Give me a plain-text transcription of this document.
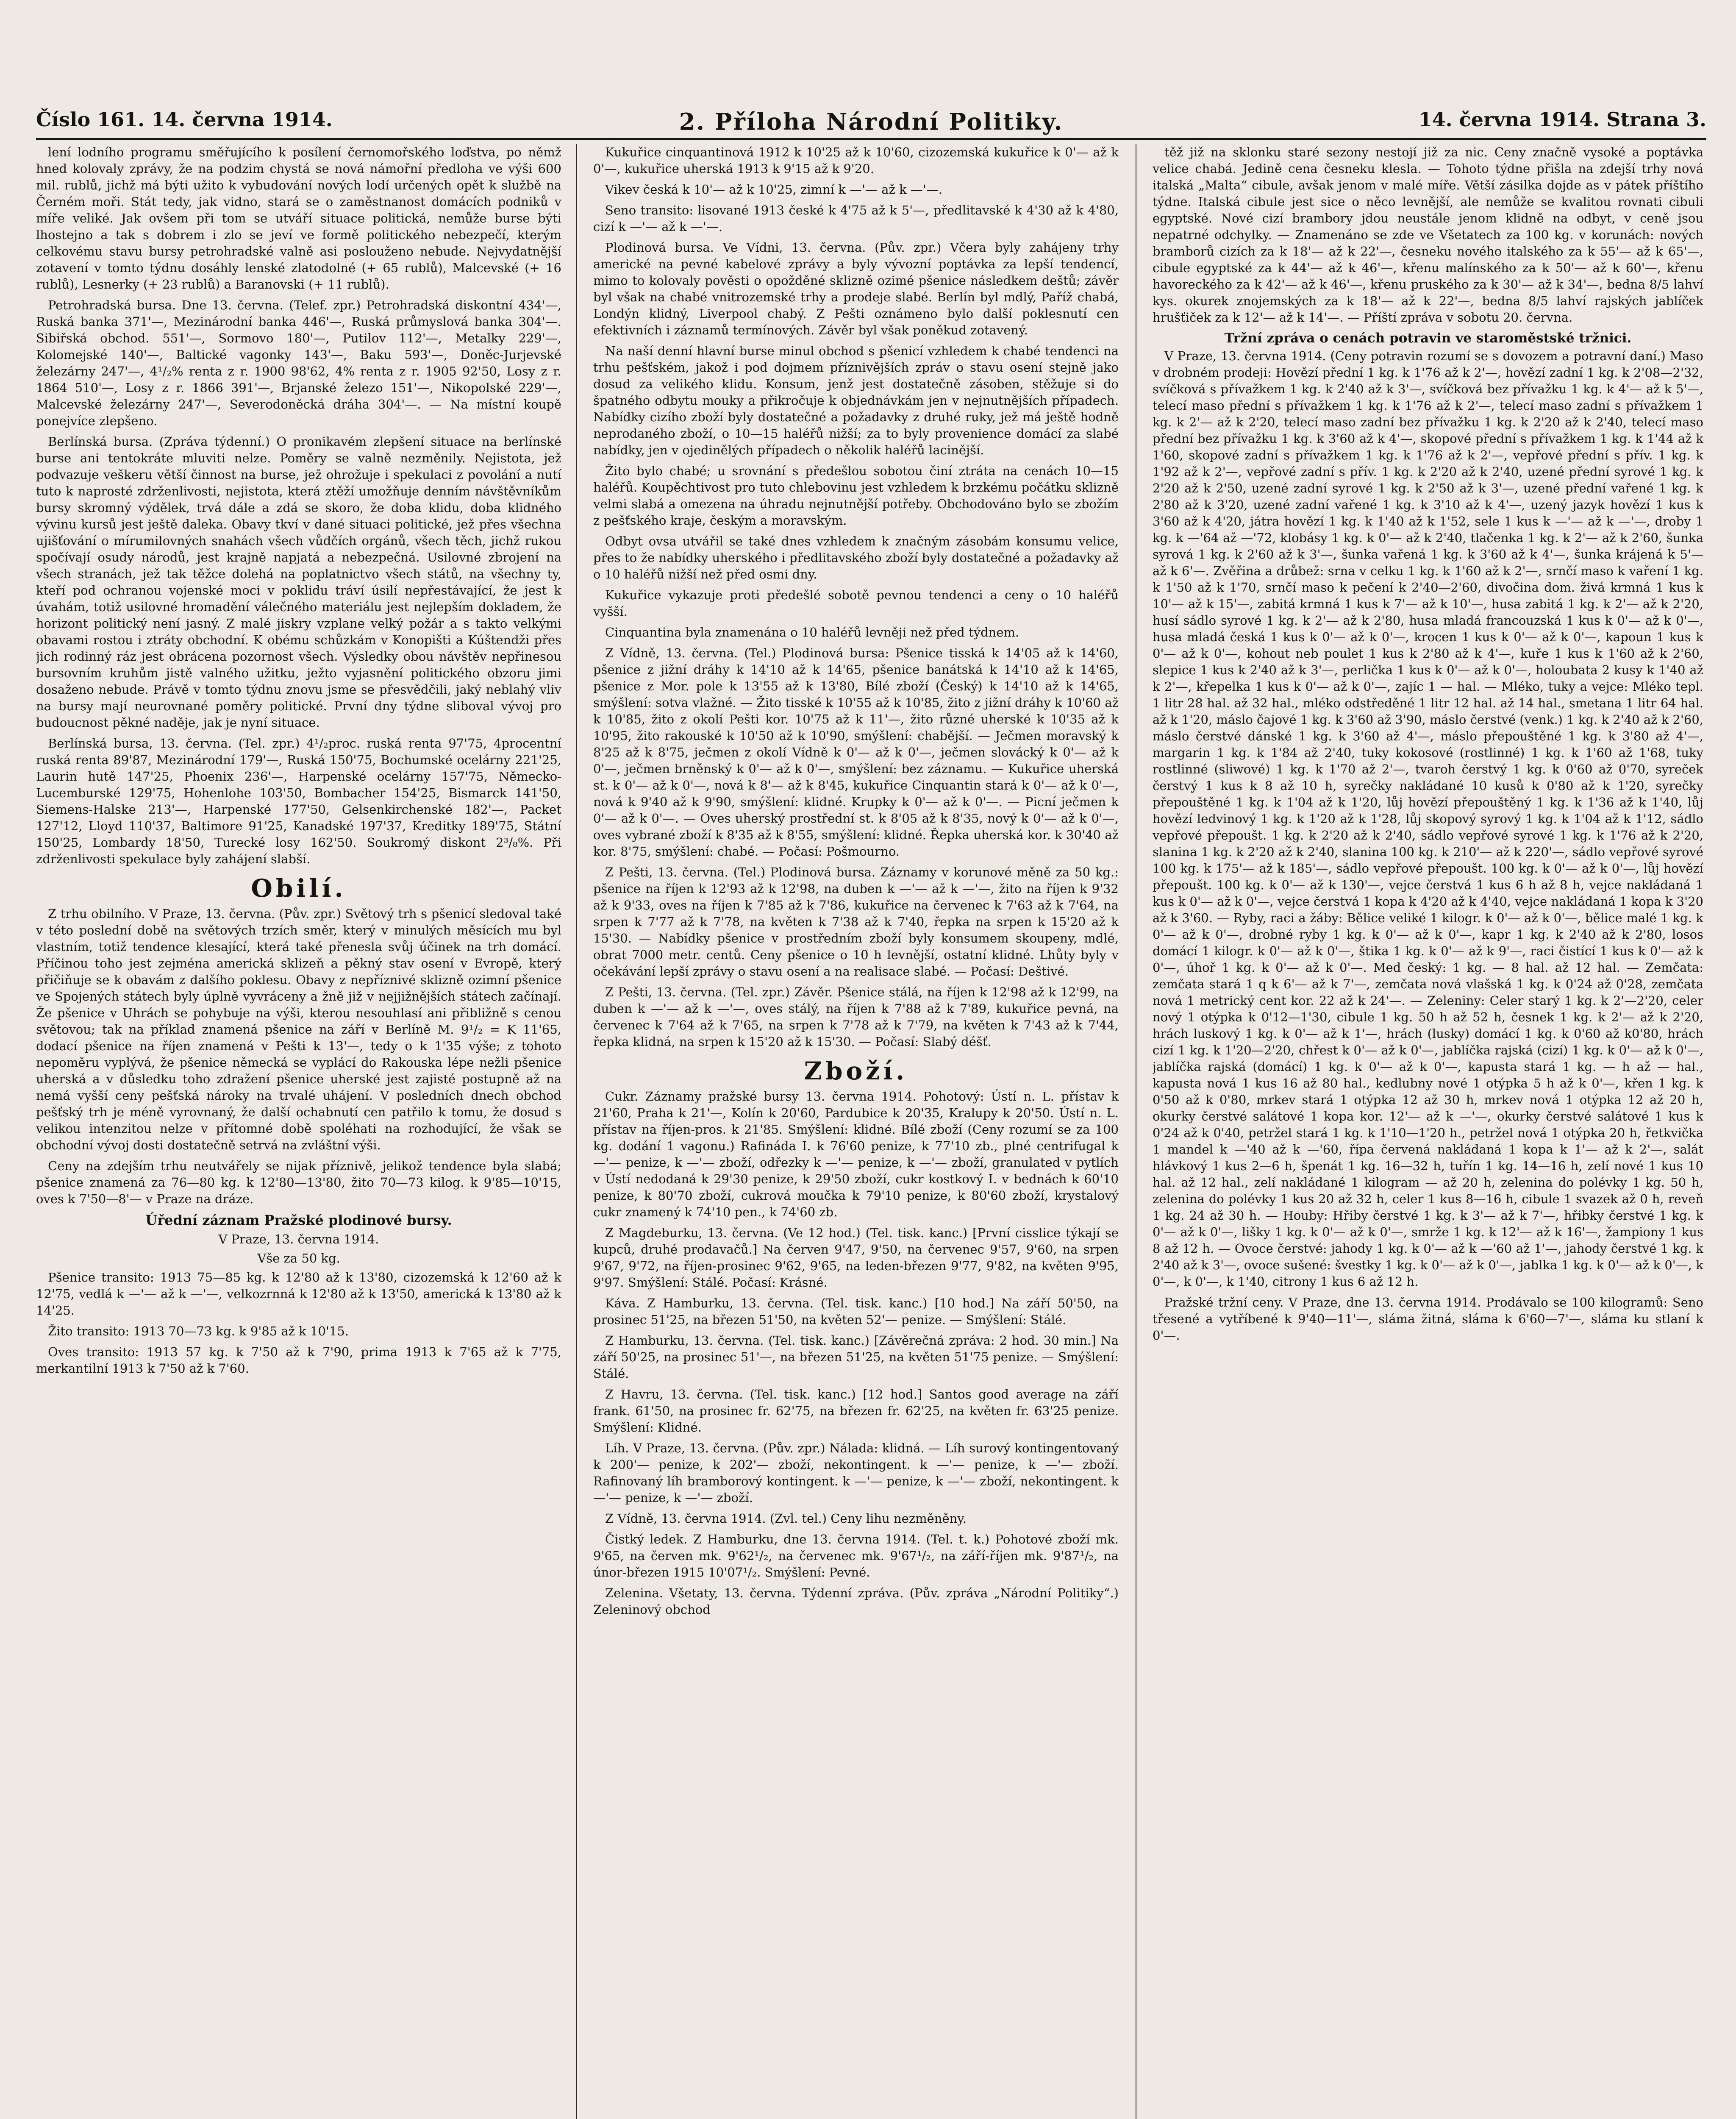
Číslo 161. 14. června 1914.	2. Příloha Národní Politiky.	14. června 1914. Strana 3.

lení lodního programu směřujícího k posílení černomořského loďstva, po němž hned kolovaly zprávy, že na podzim chystá se nová námořní předloha ve výši 600 mil. rublů, jichž má býti užito k vybudování nových lodí určených opět k službě na Černém moři. Stát tedy, jak vidno, stará se o zaměstnanost domácích podniků v míře veliké. Jak ovšem při tom se utváří situace politická, nemůže burse býti lhostejno a tak s dobrem i zlo se jeví ve formě politického nebezpečí, kterým celkovému stavu bursy petrohradské valně asi poslouženo nebude. Nejvydatnější zotavení v tomto týdnu dosáhly lenské zlatodolné (+ 65 rublů), Malcevské (+ 16 rublů), Lesnerky (+ 23 rublů) a Baranovski (+ 11 rublů).

Petrohradská bursa. Dne 13. června. (Telef. zpr.) Petrohradská diskontní 434'—, Ruská banka 371'—, Mezinárodní banka 446'—, Ruská průmyslová banka 304'—. Sibiřská obchod. 551'—, Sormovo 180'—, Putilov 112'—, Metalky 229'—, Kolomejské 140'—, Baltické vagonky 143'—, Baku 593'—, Doněc-Jurjevské železárny 247'—, 4¹/₂% renta z r. 1900 98'62, 4% renta z r. 1905 92'50, Losy z r. 1864 510'—, Losy z r. 1866 391'—, Brjanské železo 151'—, Nikopolské 229'—, Malcevské železárny 247'—, Severodoněcká dráha 304'—. — Na místní koupě ponejvíce zlepšeno.

Berlínská bursa. (Zpráva týdenní.) O pronikavém zlepšení situace na berlínské burse ani tentokráte mluviti nelze. Poměry se valně nezměnily. Nejistota, jež podvazuje veškeru větší činnost na burse, jež ohrožuje i spekulaci z povolání a nutí tuto k naprosté zdrženlivosti, nejistota, která ztěží umožňuje denním návštěvníkům bursy skromný výdělek, trvá dále a zdá se skoro, že doba klidu, doba klidného vývinu kursů jest ještě daleka. Obavy tkví v dané situaci politické, jež přes všechna ujišťování o mírumilovných snahách všech vůdčích orgánů, všech těch, jichž rukou spočívají osudy národů, jest krajně napjatá a nebezpečná. Usilovné zbrojení na všech stranách, jež tak těžce dolehá na poplatnictvo všech států, na všechny ty, kteří pod ochranou vojenské moci v poklidu tráví úsilí nepřestávající, že jest k úvahám, totiž usilovné hromadění válečného materiálu jest nejlepším dokladem, že horizont politický není jasný. Z malé jiskry vzplane velký požár a s takto velkými obavami rostou i ztráty obchodní. K obému schůzkám v Konopišti a Kúštendži přes jich rodinný ráz jest obrácena pozornost všech. Výsledky obou návštěv nepřinesou bursovním kruhům jistě valného užitku, ježto vyjasnění politického obzoru jimi dosaženo nebude. Právě v tomto týdnu znovu jsme se přesvědčili, jaký neblahý vliv na bursy mají neurovnané poměry politické. První dny týdne sliboval vývoj pro budoucnost pěkné naděje, jak je nyní situace.

Berlínská bursa, 13. června. (Tel. zpr.) 4¹/₂proc. ruská renta 97'75, 4procentní ruská renta 89'87, Mezinárodní 179'—, Ruská 150'75, Bochumské ocelárny 221'25, Laurin hutě 147'25, Phoenix 236'—, Harpenské ocelárny 157'75, Německo-Lucemburské 129'75, Hohenlohe 103'50, Bombacher 154'25, Bismarck 141'50, Siemens-Halske 213'—, Harpenské 177'50, Gelsenkirchenské 182'—, Packet 127'12, Lloyd 110'37, Baltimore 91'25, Kanadské 197'37, Kreditky 189'75, Státní 150'25, Lombardy 18'50, Turecké losy 162'50. Soukromý diskont 2³/₈%. Při zdrženlivosti spekulace byly zahájení slabší.

Obilí.

Z trhu obilního. V Praze, 13. června. (Pův. zpr.) Světový trh s pšenicí sledoval také v této poslední době na světových trzích směr, který v minulých měsících mu byl vlastním, totiž tendence klesající, která také přenesla svůj účinek na trh domácí. Příčinou toho jest zejména americká sklizeň a pěkný stav osení v Evropě, který přičiňuje se k obavám z dalšího poklesu. Obavy z nepříznivé sklizně ozimní pšenice ve Spojených státech byly úplně vyvráceny a žně již v nejjižnějších státech začínají. Že pšenice v Uhrách se pohybuje na výši, kterou nesouhlasí ani přibližně s cenou světovou; tak na příklad znamená pšenice na září v Berlíně M. 9¹/₂ = K 11'65, dodací pšenice na říjen znamená v Pešti k 13'—, tedy o k 1'35 výše; z tohoto nepoměru vyplývá, že pšenice německá se vyplácí do Rakouska lépe nežli pšenice uherská a v důsledku toho zdražení pšenice uherské jest zajisté postupně až na nemá vyšší ceny pešťská nároky na trvalé uhájení. V posledních dnech obchod pešťský trh je méně vyrovnaný, že další ochabnutí cen patřilo k tomu, že dosud s velikou intenzitou nelze v přítomné době spoléhati na rozhodující, že však se obchodní vývoj dosti dostatečně setrvá na zvláštní výši.

Ceny na zdejším trhu neutvářely se nijak příznivě, jelikož tendence byla slabá; pšenice znamená za 76—80 kg. k 12'80—13'80, žito 70—73 kilog. k 9'85—10'15, oves k 7'50—8'— v Praze na dráze.

Úřední záznam Pražské plodinové bursy.
V Praze, 13. června 1914.
Vše za 50 kg.

Pšenice transito: 1913 75—85 kg. k 12'80 až k 13'80, cizozemská k 12'60 až k 12'75, vedlá k —'— až k —'—, velkozrnná k 12'80 až k 13'50, americká k 13'80 až k 14'25.

Žito transito: 1913 70—73 kg. k 9'85 až k 10'15.

Oves transito: 1913 57 kg. k 7'50 až k 7'90, prima 1913 k 7'65 až k 7'75, merkantilní 1913 k 7'50 až k 7'60.

Kukuřice cinquantinová 1912 k 10'25 až k 10'60, cizozemská kukuřice k 0'— až k 0'—, kukuřice uherská 1913 k 9'15 až k 9'20.

Vikev česká k 10'— až k 10'25, zimní k —'— až k —'—.

Seno transito: lisované 1913 české k 4'75 až k 5'—, předlitavské k 4'30 až k 4'80, cizí k —'— až k —'—.

Plodinová bursa. Ve Vídni, 13. června. (Pův. zpr.) Včera byly zahájeny trhy americké na pevné kabelové zprávy a byly vývozní poptávka za lepší tendencí, mimo to kolovaly pověsti o opožděné sklizně ozimé pšenice následkem deštů; závěr byl však na chabé vnitrozemské trhy a prodeje slabé. Berlín byl mdlý, Paříž chabá, Londýn klidný, Liverpool chabý. Z Pešti oznámeno bylo další poklesnutí cen efektivních i záznamů termínových. Závěr byl však poněkud zotavený.

Na naší denní hlavní burse minul obchod s pšenicí vzhledem k chabé tendenci na trhu pešťském, jakož i pod dojmem příznivějších zpráv o stavu osení stejně jako dosud za velikého klidu. Konsum, jenž jest dostatečně zásoben, stěžuje si do špatného odbytu mouky a přikročuje k objednávkám jen v nejnutnějších případech. Nabídky cizího zboží byly dostatečné a požadavky z druhé ruky, jež má ještě hodně neprodaného zboží, o 10—15 haléřů nižší; za to byly provenience domácí za slabé nabídky, jen v ojedinělých případech o několik haléřů lacinější.

Žito bylo chabé; u srovnání s předešlou sobotou činí ztráta na cenách 10—15 haléřů. Koupěchtivost pro tuto chlebovinu jest vzhledem k brzkému počátku sklizně velmi slabá a omezena na úhradu nejnutnější potřeby. Obchodováno bylo se zbožím z pešťského kraje, českým a moravským.

Odbyt ovsa utvářil se také dnes vzhledem k značným zásobám konsumu velice, přes to že nabídky uherského i předlitavského zboží byly dostatečné a požadavky až o 10 haléřů nižší než před osmi dny.

Kukuřice vykazuje proti předešlé sobotě pevnou tendenci a ceny o 10 haléřů vyšší.

Cinquantina byla znamenána o 10 haléřů levněji než před týdnem.

Z Vídně, 13. června. (Tel.) Plodinová bursa: Pšenice tisská k 14'05 až k 14'60, pšenice z jižní dráhy k 14'10 až k 14'65, pšenice banátská k 14'10 až k 14'65, pšenice z Mor. pole k 13'55 až k 13'80, Bílé zboží (Český) k 14'10 až k 14'65, smýšlení: sotva vlažné. — Žito tisské k 10'55 až k 10'85, žito z jižní dráhy k 10'60 až k 10'85, žito z okolí Pešti kor. 10'75 až k 11'—, žito různé uherské k 10'35 až k 10'95, žito rakouské k 10'50 až k 10'90, smýšlení: chabější. — Ječmen moravský k 8'25 až k 8'75, ječmen z okolí Vídně k 0'— až k 0'—, ječmen slovácký k 0'— až k 0'—, ječmen brněnský k 0'— až k 0'—, smýšlení: bez záznamu. — Kukuřice uherská st. k 0'— až k 0'—, nová k 8'— až k 8'45, kukuřice Cinquantin stará k 0'— až k 0'—, nová k 9'40 až k 9'90, smýšlení: klidné. Krupky k 0'— až k 0'—. — Picní ječmen k 0'— až k 0'—. — Oves uherský prostřední st. k 8'05 až k 8'35, nový k 0'— až k 0'—, oves vybrané zboží k 8'35 až k 8'55, smýšlení: klidné. Řepka uherská kor. k 30'40 až kor. 8'75, smýšlení: chabé. — Počasí: Pošmourno.

Z Pešti, 13. června. (Tel.) Plodinová bursa. Záznamy v korunové měně za 50 kg.: pšenice na říjen k 12'93 až k 12'98, na duben k —'— až k —'—, žito na říjen k 9'32 až k 9'33, oves na říjen k 7'85 až k 7'86, kukuřice na červenec k 7'63 až k 7'64, na srpen k 7'77 až k 7'78, na květen k 7'38 až k 7'40, řepka na srpen k 15'20 až k 15'30. — Nabídky pšenice v prostředním zboží byly konsumem skoupeny, mdlé, obrat 7000 metr. centů. Ceny pšenice o 10 h levnější, ostatní klidné. Lhůty byly v očekávání lepší zprávy o stavu osení a na realisace slabé. — Počasí: Deštivé.

Z Pešti, 13. června. (Tel. zpr.) Závěr. Pšenice stálá, na říjen k 12'98 až k 12'99, na duben k —'— až k —'—, oves stálý, na říjen k 7'88 až k 7'89, kukuřice pevná, na červenec k 7'64 až k 7'65, na srpen k 7'78 až k 7'79, na květen k 7'43 až k 7'44, řepka klidná, na srpen k 15'20 až k 15'30. — Počasí: Slabý déšť.

Zboží.

Cukr. Záznamy pražské bursy 13. června 1914. Pohotový: Ústí n. L. přístav k 21'60, Praha k 21'—, Kolín k 20'60, Pardubice k 20'35, Kralupy k 20'50. Ústí n. L. přístav na říjen-pros. k 21'85. Smýšlení: klidné. Bílé zboží (Ceny rozumí se za 100 kg. dodání 1 vagonu.) Rafináda I. k 76'60 penize, k 77'10 zb., plné centrifugal k —'— penize, k —'— zboží, odřezky k —'— penize, k —'— zboží, granulated v pytlích v Ústí nedodaná k 29'30 penize, k 29'50 zboží, cukr kostkový I. v bednách k 60'10 penize, k 80'70 zboží, cukrová moučka k 79'10 penize, k 80'60 zboží, krystalový cukr znamený k 74'10 pen., k 74'60 zb.

Z Magdeburku, 13. června. (Ve 12 hod.) (Tel. tisk. kanc.) [První cisslice týkají se kupců, druhé prodavačů.] Na červen 9'47, 9'50, na červenec 9'57, 9'60, na srpen 9'67, 9'72, na říjen-prosinec 9'62, 9'65, na leden-březen 9'77, 9'82, na květen 9'95, 9'97. Smýšlení: Stálé. Počasí: Krásné.

Káva. Z Hamburku, 13. června. (Tel. tisk. kanc.) [10 hod.] Na září 50'50, na prosinec 51'25, na březen 51'50, na květen 52'— penize. — Smýšlení: Stálé.

Z Hamburku, 13. června. (Tel. tisk. kanc.) [Závěrečná zpráva: 2 hod. 30 min.] Na září 50'25, na prosinec 51'—, na březen 51'25, na květen 51'75 penize. — Smýšlení: Stálé.

Z Havru, 13. června. (Tel. tisk. kanc.) [12 hod.] Santos good average na září frank. 61'50, na prosinec fr. 62'75, na březen fr. 62'25, na květen fr. 63'25 penize. Smýšlení: Klidné.

Líh. V Praze, 13. června. (Pův. zpr.) Nálada: klidná. — Líh surový kontingentovaný k 200'— penize, k 202'— zboží, nekontingent. k —'— penize, k —'— zboží. Rafinovaný líh bramborový kontingent. k —'— penize, k —'— zboží, nekontingent. k —'— penize, k —'— zboží.

Z Vídně, 13. června 1914. (Zvl. tel.) Ceny lihu nezměněny.

Čistký ledek. Z Hamburku, dne 13. června 1914. (Tel. t. k.) Pohotové zboží mk. 9'65, na červen mk. 9'62¹/₂, na červenec mk. 9'67¹/₂, na září-říjen mk. 9'87¹/₂, na únor-březen 1915 10'07¹/₂. Smýšlení: Pevné.

Zelenina. Všetaty, 13. června. Týdenní zpráva. (Pův. zpráva „Národní Politiky“.) Zeleninový obchod

těž již na sklonku staré sezony nestojí již za nic. Ceny značně vysoké a poptávka velice chabá. Jedině cena česneku klesla. — Tohoto týdne přišla na zdejší trhy nová italská „Malta“ cibule, avšak jenom v malé míře. Větší zásilka dojde as v pátek příštího týdne. Italská cibule jest sice o něco levnější, ale nemůže se kvalitou rovnati cibuli egyptské. Nové cizí brambory jdou neustále jenom klidně na odbyt, v ceně jsou nepatrné odchylky. — Znamenáno se zde ve Všetatech za 100 kg. v korunách: nových bramborů cizích za k 18'— až k 22'—, česneku nového italského za k 55'— až k 65'—, cibule egyptské za k 44'— až k 46'—, křenu malínského za k 50'— až k 60'—, křenu havoreckého za k 42'— až k 46'—, křenu pruského za k 30'— až k 34'—, bedna 8/5 lahví kys. okurek znojemských za k 18'— až k 22'—, bedna 8/5 lahví rajských jablíček hrušťiček za k 12'— až k 14'—. — Příští zpráva v sobotu 20. června.

Tržní zpráva o cenách potravin ve staroměstské tržnici.

V Praze, 13. června 1914. (Ceny potravin rozumí se s dovozem a potravní daní.) Maso v drobném prodeji: Hovězí přední 1 kg. k 1'76 až k 2'—, hovězí zadní 1 kg. k 2'08—2'32, svíčková s přívažkem 1 kg. k 2'40 až k 3'—, svíčková bez přívažku 1 kg. k 4'— až k 5'—, telecí maso přední s přívažkem 1 kg. k 1'76 až k 2'—, telecí maso zadní s přívažkem 1 kg. k 2'— až k 2'20, telecí maso zadní bez přívažku 1 kg. k 2'20 až k 2'40, telecí maso přední bez přívažku 1 kg. k 3'60 až k 4'—, skopové přední s přívažkem 1 kg. k 1'44 až k 1'60, skopové zadní s přívažkem 1 kg. k 1'76 až k 2'—, vepřové přední s přív. 1 kg. k 1'92 až k 2'—, vepřové zadní s přív. 1 kg. k 2'20 až k 2'40, uzené přední syrové 1 kg. k 2'20 až k 2'50, uzené zadní syrové 1 kg. k 2'50 až k 3'—, uzené přední vařené 1 kg. k 2'80 až k 3'20, uzené zadní vařené 1 kg. k 3'10 až k 4'—, uzený jazyk hovězí 1 kus k 3'60 až k 4'20, játra hovězí 1 kg. k 1'40 až k 1'52, sele 1 kus k —'— až k —'—, droby 1 kg. k —'64 až —'72, klobásy 1 kg. k 0'— až k 2'40, tlačenka 1 kg. k 2'— až k 2'60, šunka syrová 1 kg. k 2'60 až k 3'—, šunka vařená 1 kg. k 3'60 až k 4'—, šunka krájená k 5'— až k 6'—. Zvěřina a drůbež: srna v celku 1 kg. k 1'60 až k 2'—, srnčí maso k vaření 1 kg. k 1'50 až k 1'70, srnčí maso k pečení k 2'40—2'60, divočina dom. živá krmná 1 kus k 10'— až k 15'—, zabitá krmná 1 kus k 7'— až k 10'—, husa zabitá 1 kg. k 2'— až k 2'20, husí sádlo syrové 1 kg. k 2'— až k 2'80, husa mladá francouzská 1 kus k 0'— až k 0'—, husa mladá česká 1 kus k 0'— až k 0'—, krocen 1 kus k 0'— až k 0'—, kapoun 1 kus k 0'— až k 0'—, kohout neb poulet 1 kus k 2'80 až k 4'—, kuře 1 kus k 1'60 až k 2'60, slepice 1 kus k 2'40 až k 3'—, perlička 1 kus k 0'— až k 0'—, holoubata 2 kusy k 1'40 až k 2'—, křepelka 1 kus k 0'— až k 0'—, zajíc 1 — hal. — Mléko, tuky a vejce: Mléko tepl. 1 litr 28 hal. až 32 hal., mléko odstředěné 1 litr 12 hal. až 14 hal., smetana 1 litr 64 hal. až k 1'20, máslo čajové 1 kg. k 3'60 až 3'90, máslo čerstvé (venk.) 1 kg. k 2'40 až k 2'60, máslo čerstvé dánské 1 kg. k 3'60 až 4'—, máslo přepouštěné 1 kg. k 3'80 až 4'—, margarin 1 kg. k 1'84 až 2'40, tuky kokosové (rostlinné) 1 kg. k 1'60 až 1'68, tuky rostlinné (sliwové) 1 kg. k 1'70 až 2'—, tvaroh čerstvý 1 kg. k 0'60 až 0'70, syreček čerstvý 1 kus k 8 až 10 h, syrečky nakládané 10 kusů k 0'80 až k 1'20, syrečky přepouštěné 1 kg. k 1'04 až k 1'20, lůj hovězí přepouštěný 1 kg. k 1'36 až k 1'40, lůj hovězí ledvinový 1 kg. k 1'20 až k 1'28, lůj skopový syrový 1 kg. k 1'04 až k 1'12, sádlo vepřové přepoušt. 1 kg. k 2'20 až k 2'40, sádlo vepřové syrové 1 kg. k 1'76 až k 2'20, slanina 1 kg. k 2'20 až k 2'40, slanina 100 kg. k 210'— až k 220'—, sádlo vepřové syrové 100 kg. k 175'— až k 185'—, sádlo vepřové přepoušt. 100 kg. k 0'— až k 0'—, lůj hovězí přepoušt. 100 kg. k 0'— až k 130'—, vejce čerstvá 1 kus 6 h až 8 h, vejce nakládaná 1 kus k 0'— až k 0'—, vejce čerstvá 1 kopa k 4'20 až k 4'40, vejce nakládaná 1 kopa k 3'20 až k 3'60. — Ryby, raci a žáby: Bělice veliké 1 kilogr. k 0'— až k 0'—, bělice malé 1 kg. k 0'— až k 0'—, drobné ryby 1 kg. k 0'— až k 0'—, kapr 1 kg. k 2'40 až k 2'80, losos domácí 1 kilogr. k 0'— až k 0'—, štika 1 kg. k 0'— až k 9'—, raci čistící 1 kus k 0'— až k 0'—, úhoř 1 kg. k 0'— až k 0'—. Med český: 1 kg. — 8 hal. až 12 hal. — Zemčata: zemčata stará 1 q k 6'— až k 7'—, zemčata nová vlašská 1 kg. k 0'24 až 0'28, zemčata nová 1 metrický cent kor. 22 až k 24'—. — Zeleniny: Celer starý 1 kg. k 2'—2'20, celer nový 1 otýpka k 0'12—1'30, cibule 1 kg. 50 h až 52 h, česnek 1 kg. k 2'— až k 2'20, hrách luskový 1 kg. k 0'— až k 1'—, hrách (lusky) domácí 1 kg. k 0'60 až k0'80, hrách cizí 1 kg. k 1'20—2'20, chřest k 0'— až k 0'—, jablíčka rajská (cizí) 1 kg. k 0'— až k 0'—, jablíčka rajská (domácí) 1 kg. k 0'— až k 0'—, kapusta stará 1 kg. — h až — hal., kapusta nová 1 kus 16 až 80 hal., kedlubny nové 1 otýpka 5 h až k 0'—, křen 1 kg. k 0'50 až k 0'80, mrkev stará 1 otýpka 12 až 30 h, mrkev nová 1 otýpka 12 až 20 h, okurky čerstvé salátové 1 kopa kor. 12'— až k —'—, okurky čerstvé salátové 1 kus k 0'24 až k 0'40, petržel stará 1 kg. k 1'10—1'20 h., petržel nová 1 otýpka 20 h, řetkvička 1 mandel k —'40 až k —'60, řípa červená nakládaná 1 kopa k 1'— až k 2'—, salát hlávkový 1 kus 2—6 h, špenát 1 kg. 16—32 h, tuřín 1 kg. 14—16 h, zelí nové 1 kus 10 hal. až 12 hal., zelí nakládané 1 kilogram — až 20 h, zelenina do polévky 1 kg. 50 h, zelenina do polévky 1 kus 20 až 32 h, celer 1 kus 8—16 h, cibule 1 svazek až 0 h, reveň 1 kg. 24 až 30 h. — Houby: Hřiby čerstvé 1 kg. k 3'— až k 7'—, hřibky čerstvé 1 kg. k 0'— až k 0'—, lišky 1 kg. k 0'— až k 0'—, smrže 1 kg. k 12'— až k 16'—, žampiony 1 kus 8 až 12 h. — Ovoce čerstvé: jahody 1 kg. k 0'— až k —'60 až 1'—, jahody čerstvé 1 kg. k 2'40 až k 3'—, ovoce sušené: švestky 1 kg. k 0'— až k 0'—, jablka 1 kg. k 0'— až k 0'—, k 0'—, k 0'—, k 1'40, citrony 1 kus 6 až 12 h.

Pražské tržní ceny. V Praze, dne 13. června 1914. Prodávalo se 100 kilogramů: Seno třesené a vytříbené k 9'40—11'—, sláma žitná, sláma k 6'60—7'—, sláma ku stlaní k 0'—.
